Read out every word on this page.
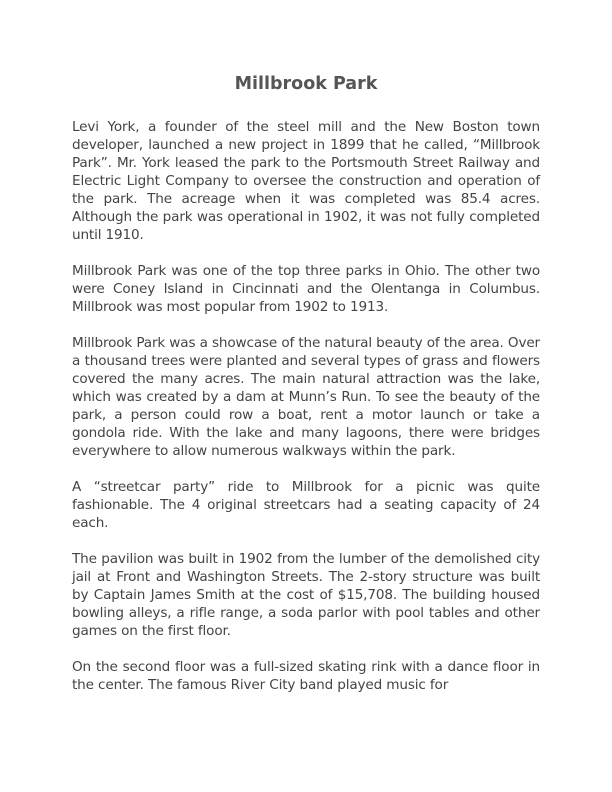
Millbrook Park

Levi York, a founder of the steel mill and the New Boston town developer, launched a new project in 1899 that he called, “Millbrook Park”. Mr. York leased the park to the Portsmouth Street Railway and Electric Light Company to oversee the construction and operation of the park. The acreage when it was completed was 85.4 acres. Although the park was operational in 1902, it was not fully completed until 1910.

Millbrook Park was one of the top three parks in Ohio. The other two were Coney Island in Cincinnati and the Olentanga in Columbus. Millbrook was most popular from 1902 to 1913.

Millbrook Park was a showcase of the natural beauty of the area. Over a thousand trees were planted and several types of grass and flowers covered the many acres. The main natural attraction was the lake, which was created by a dam at Munn’s Run. To see the beauty of the park, a person could row a boat, rent a motor launch or take a gondola ride. With the lake and many lagoons, there were bridges everywhere to allow numerous walkways within the park.

A “streetcar party” ride to Millbrook for a picnic was quite fashionable. The 4 original streetcars had a seating capacity of 24 each.

The pavilion was built in 1902 from the lumber of the demolished city jail at Front and Washington Streets. The 2-story structure was built by Captain James Smith at the cost of $15,708. The building housed bowling alleys, a rifle range, a soda parlor with pool tables and other games on the first floor.

On the second floor was a full-sized skating rink with a dance floor in the center. The famous River City band played music for
